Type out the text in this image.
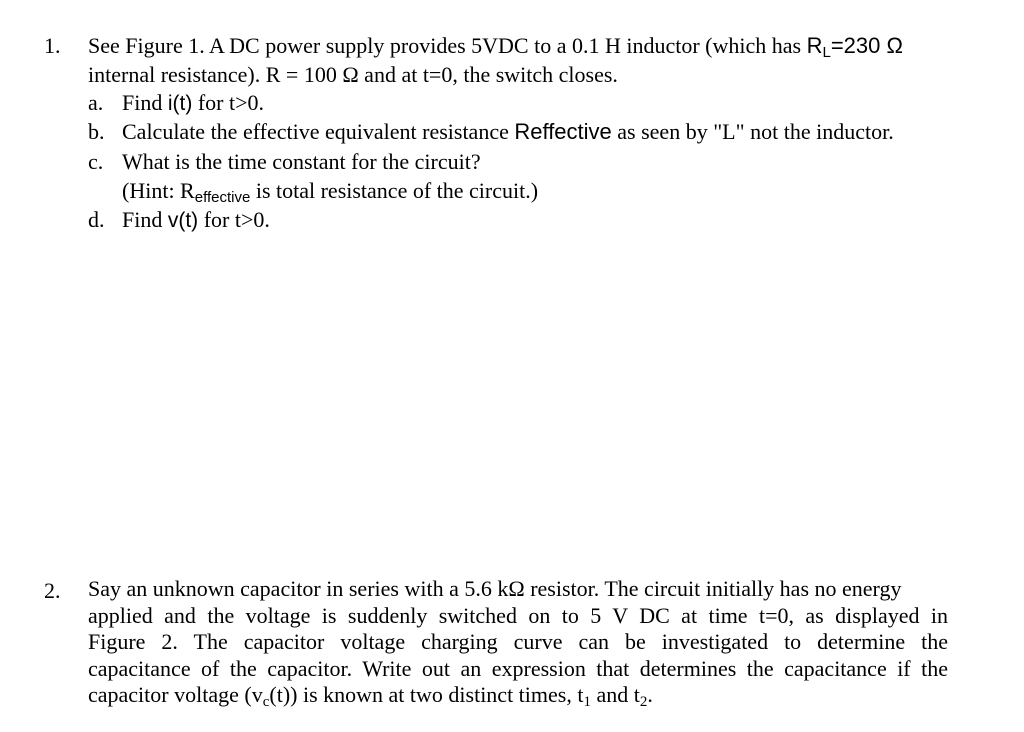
1. See Figure 1. A DC power supply provides 5VDC to a 0.1 H inductor (which has $R_L=230$ Ω
internal resistance). R = 100 Ω and at t=0, the switch closes.
a. Find i(t) for t>0.
b. Calculate the effective equivalent resistance Reffective as seen by "L" not the inductor.
c. What is the time constant for the circuit?
(Hint: $R_{effective}$ is total resistance of the circuit.)
d. Find v(t) for t>0.
2. Say an unknown capacitor in series with a 5.6 kΩ resistor. The circuit initially has no energy
applied and the voltage is suddenly switched on to 5 V DC at time t=0, as displayed in
Figure 2. The capacitor voltage charging curve can be investigated to determine the
capacitance of the capacitor. Write out an expression that determines the capacitance if the
capacitor voltage $(v_c(t))$ is known at two distinct times, $t_1$ and $t_2$.
